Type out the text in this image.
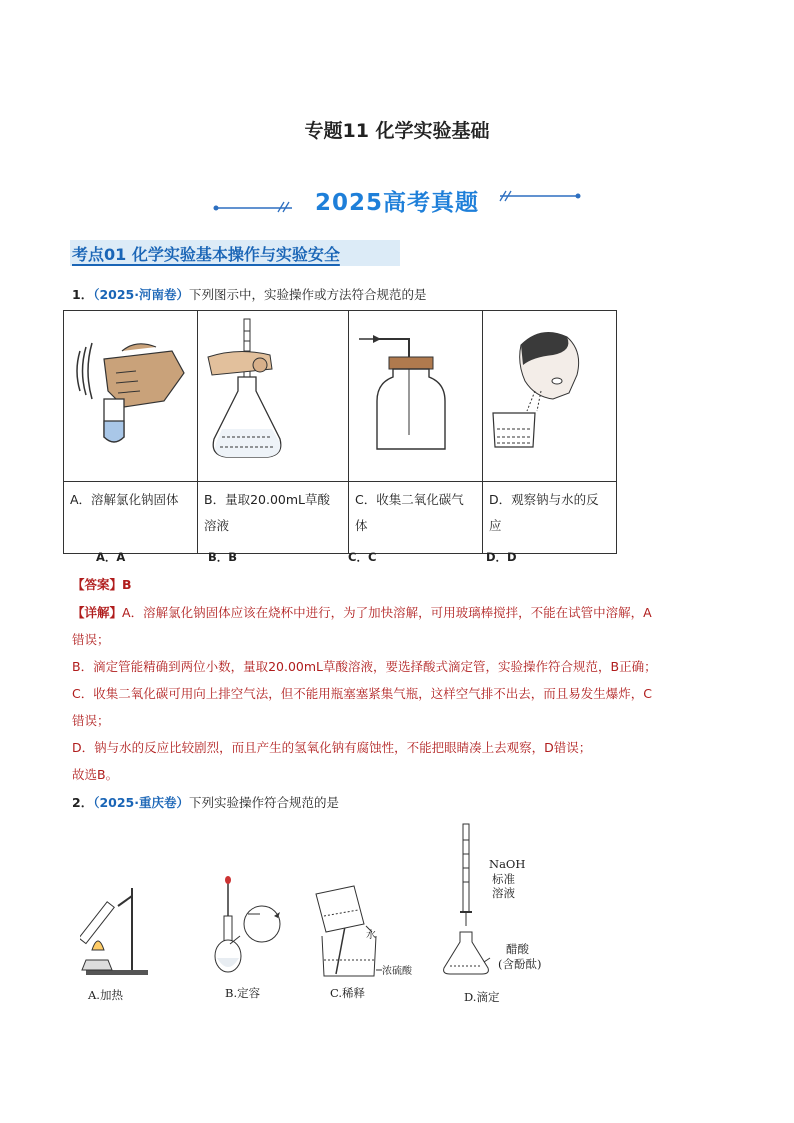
专题11 化学实验基础
2025高考真题
考点01 化学实验基本操作与实验安全
1．（2025·河南卷）下列图示中，实验操作或方法符合规范的是

A．溶解氯化钠固体	B．量取20.00mL草酸溶液	C．收集二氧化碳气体	D．观察钠与水的反应
A．A	B．B	C．C	D．D
【答案】B
【详解】A．溶解氯化钠固体应该在烧杯中进行，为了加快溶解，可用玻璃棒搅拌，不能在试管中溶解，A
错误；
B．滴定管能精确到两位小数，量取20.00mL草酸溶液，要选择酸式滴定管，实验操作符合规范，B正确；
C．收集二氧化碳可用向上排空气法，但不能用瓶塞塞紧集气瓶，这样空气排不出去，而且易发生爆炸，C
错误；
D．钠与水的反应比较剧烈，而且产生的氢氧化钠有腐蚀性，不能把眼睛凑上去观察，D错误；
故选B。
2．（2025·重庆卷）下列实验操作符合规范的是
A.加热	B.定容	C.稀释
水
浓硫酸
D.滴定
NaOH
标准
溶液
醋酸
(含酚酞)
